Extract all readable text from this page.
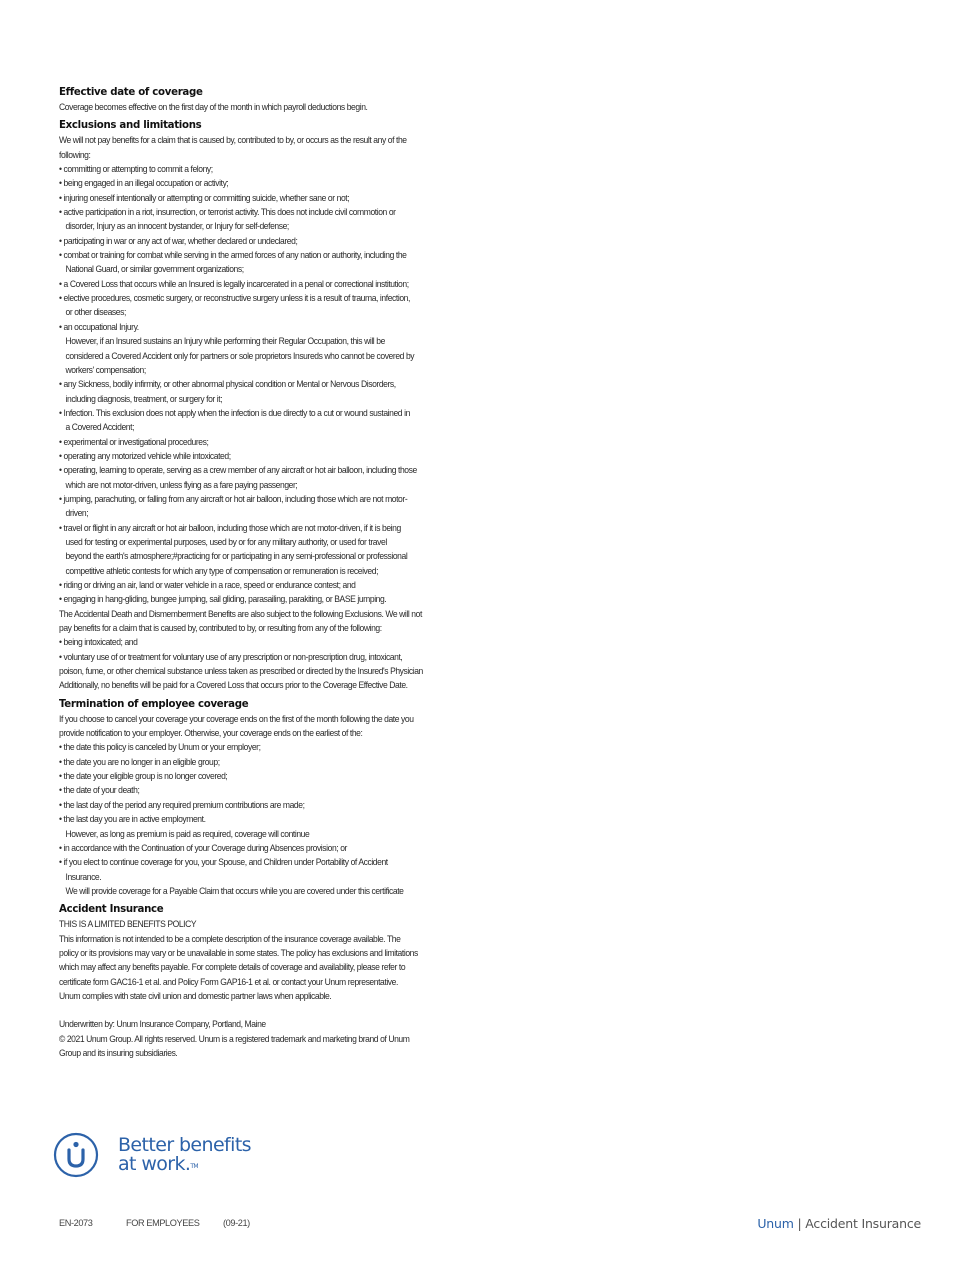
Effective date of coverage

Coverage becomes effective on the first day of the month in which payroll deductions begin.

Exclusions and limitations

We will not pay benefits for a claim that is caused by, contributed to by, or occurs as the result any of the

following:

• committing or attempting to commit a felony;

• being engaged in an illegal occupation or activity;

• injuring oneself intentionally or attempting or committing suicide, whether sane or not;

• active participation in a riot, insurrection, or terrorist activity. This does not include civil commotion or

disorder, Injury as an innocent bystander, or Injury for self-defense;

• participating in war or any act of war, whether declared or undeclared;

• combat or training for combat while serving in the armed forces of any nation or authority, including the

National Guard, or similar government organizations;

• a Covered Loss that occurs while an Insured is legally incarcerated in a penal or correctional institution;

• elective procedures, cosmetic surgery, or reconstructive surgery unless it is a result of trauma, infection,

or other diseases;

• an occupational Injury.

However, if an Insured sustains an Injury while performing their Regular Occupation, this will be

considered a Covered Accident only for partners or sole proprietors Insureds who cannot be covered by

workers' compensation;

• any Sickness, bodily infirmity, or other abnormal physical condition or Mental or Nervous Disorders,

including diagnosis, treatment, or surgery for it;

• Infection. This exclusion does not apply when the infection is due directly to a cut or wound sustained in

a Covered Accident;

• experimental or investigational procedures;

• operating any motorized vehicle while intoxicated;

• operating, learning to operate, serving as a crew member of any aircraft or hot air balloon, including those

which are not motor-driven, unless flying as a fare paying passenger;

• jumping, parachuting, or falling from any aircraft or hot air balloon, including those which are not motor-

driven;

• travel or flight in any aircraft or hot air balloon, including those which are not motor-driven, if it is being

used for testing or experimental purposes, used by or for any military authority, or used for travel

beyond the earth's atmosphere;#practicing for or participating in any semi-professional or professional

competitive athletic contests for which any type of compensation or remuneration is received;

• riding or driving an air, land or water vehicle in a race, speed or endurance contest; and

• engaging in hang-gliding, bungee jumping, sail gliding, parasailing, parakiting, or BASE jumping.

The Accidental Death and Dismemberment Benefits are also subject to the following Exclusions. We will not

pay benefits for a claim that is caused by, contributed to by, or resulting from any of the following:

• being intoxicated; and

• voluntary use of or treatment for voluntary use of any prescription or non-prescription drug, intoxicant,

poison, fume, or other chemical substance unless taken as prescribed or directed by the Insured's Physician

Additionally, no benefits will be paid for a Covered Loss that occurs prior to the Coverage Effective Date.

Termination of employee coverage

If you choose to cancel your coverage your coverage ends on the first of the month following the date you

provide notification to your employer. Otherwise, your coverage ends on the earliest of the:

• the date this policy is canceled by Unum or your employer;

• the date you are no longer in an eligible group;

• the date your eligible group is no longer covered;

• the date of your death;

• the last day of the period any required premium contributions are made;

• the last day you are in active employment.

However, as long as premium is paid as required, coverage will continue

• in accordance with the Continuation of your Coverage during Absences provision; or

• if you elect to continue coverage for you, your Spouse, and Children under Portability of Accident

Insurance.

We will provide coverage for a Payable Claim that occurs while you are covered under this certificate

Accident Insurance

THIS IS A LIMITED BENEFITS POLICY

This information is not intended to be a complete description of the insurance coverage available. The

policy or its provisions may vary or be unavailable in some states. The policy has exclusions and limitations

which may affect any benefits payable. For complete details of coverage and availability, please refer to

certificate form GAC16-1 et al. and Policy Form GAP16-1 et al. or contact your Unum representative.

Unum complies with state civil union and domestic partner laws when applicable.

Underwritten by: Unum Insurance Company, Portland, Maine

© 2021 Unum Group. All rights reserved. Unum is a registered trademark and marketing brand of Unum

Group and its insuring subsidiaries.

Better benefits
at work.™
EN-2073	FOR EMPLOYEES	(09-21)	Unum | Accident Insurance
